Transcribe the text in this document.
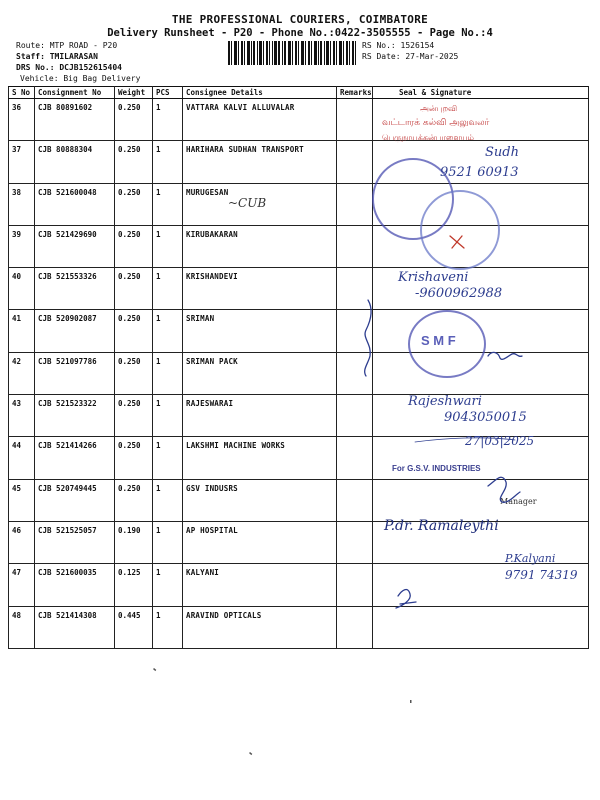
THE PROFESSIONAL COURIERS, COIMBATORE
Delivery Runsheet - P20 - Phone No.:0422-3505555 - Page No.:4
Route: MTP ROAD - P20
Staff: TMILARASAN
DRS No.: DCJB152615404
Vehicle: Big Bag Delivery
RS No.: 1526154
RS Date: 27-Mar-2025
S No	Consignment No	Weight	PCS	Consignee Details	Remarks	Seal & Signature
36	CJB 80891602	0.250	1	VATTARA KALVI ALLUVALAR		
37	CJB 80888304	0.250	1	HARIHARA SUDHAN TRANSPORT		
38	CJB 521600048	0.250	1	MURUGESAN		
39	CJB 521429690	0.250	1	KIRUBAKARAN		
40	CJB 521553326	0.250	1	KRISHANDEVI		
41	CJB 520902087	0.250	1	SRIMAN		
42	CJB 521097786	0.250	1	SRIMAN PACK		
43	CJB 521523322	0.250	1	RAJESWARAI		
44	CJB 521414266	0.250	1	LAKSHMI MACHINE WORKS		
45	CJB 520749445	0.250	1	GSV INDUSRS		
46	CJB 521525057	0.190	1	AP HOSPITAL		
47	CJB 521600035	0.125	1	KALYANI		
48	CJB 521414308	0.445	1	ARAVIND OPTICALS		
S M F
அன்புறவி
வட்டாரக் கல்வி அலுவலர்
பெருநாயக்கன்பாளையம்
Sudh
9521 60913
~CUB
Krishaveni
-9600962988
Rajeshwari
9043050015
27|03|2025
For G.S.V. INDUSTRIES
Manager
P.dr. Ramaleythi
P.Kalyani
9791 74319
